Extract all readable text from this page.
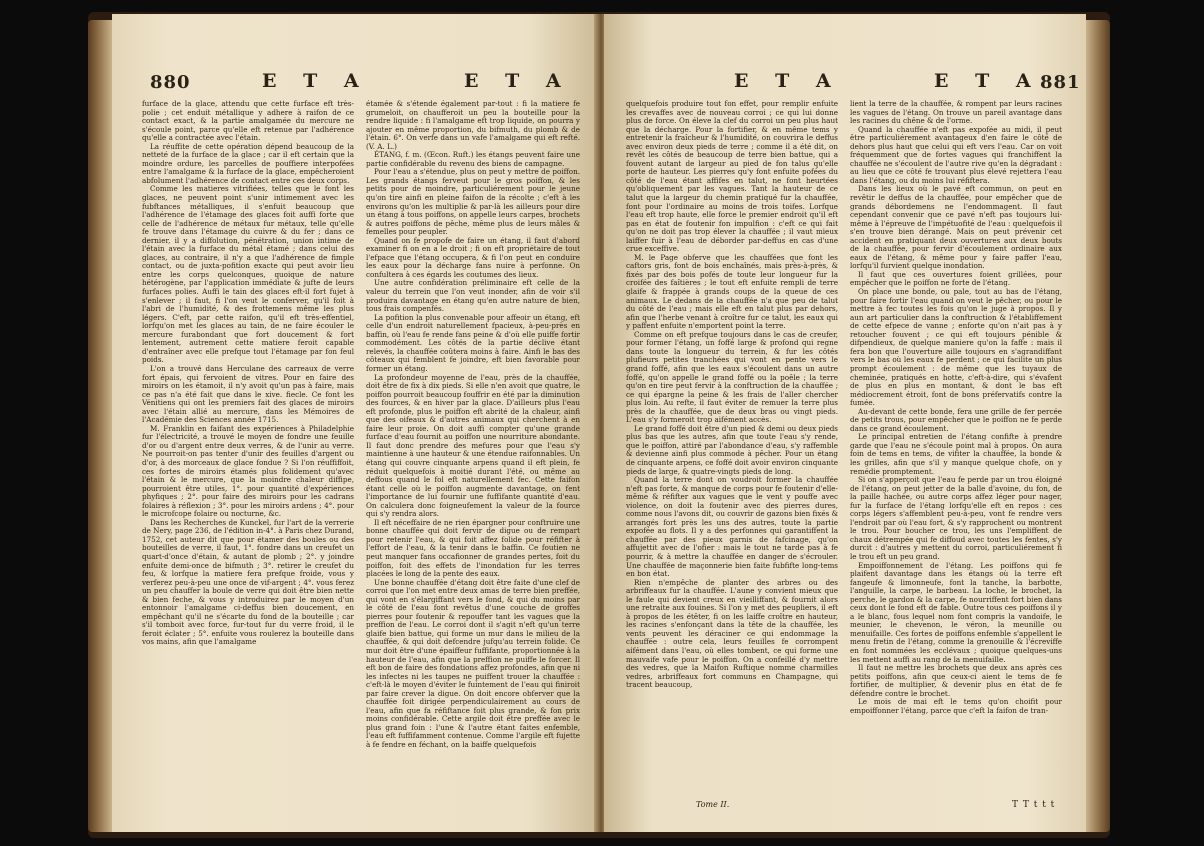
880	E T A	E T A

furface de la glace, attendu que cette furface eft très-polie ; cet enduit métallique y adhere à raifon de ce contact exact, & la partie amalgamée du mercure ne s'écoule point, parce qu'elle eft retenue par l'adhérence qu'elle a contractée avec l'étain.

La réuffite de cette opération dépend beaucoup de la netteté de la furface de la glace ; car il eft certain que la moindre ordure, les parcelles de pouffiere interpofées entre l'amalgame & la furface de la glace, empêcheroient abfolument l'adhérence de contact entre ces deux corps.

Comme les matieres vitrifiées, telles que le font les glaces, ne peuvent point s'unir intimement avec les fubftances métalliques, il s'enfuit beaucoup que l'adhérence de l'étamage des glaces foit auffi forte que celle de l'adhérence de métaux fur métaux, telle qu'elle fe trouve dans l'étamage du cuivre & du fer ; dans ce dernier, il y a diffolution, pénétration, union intime de l'étain avec la furface du métal étamé ; dans celui des glaces, au contraire, il n'y a que l'adhérence de fimple contact, ou de juxta-pofition exacte qui peut avoir lieu entre les corps quelconques, quoique de nature hétérogène, par l'application immédiate & jufte de leurs furfaces polies. Auffi le tain des glaces eft-il fort fujet à s'enlever ; il faut, fi l'on veut le conferver, qu'il foit à l'abri de l'humidité, & des frottemens même les plus légers. C'eft, par cette raifon, qu'il eft très-effentiel, lorfqu'on met les glaces au tain, de ne faire écouler le mercure furabondant que fort doucement & fort lentement, autrement cette matiere feroit capable d'entraîner avec elle prefque tout l'étamage par fon feul poids.

L'on a trouvé dans Herculane des carreaux de verre fort épais, qui fervoient de vitres. Pour en faire des miroirs on les étamoit, il n'y avoit qu'un pas à faire, mais ce pas n'a été fait que dans le xive. fiecle. Ce font les Vénitiens qui ont les premiers fait des glaces de miroirs avec l'étain allié au mercure, dans les Mémoires de l'Académie des Sciences année 1715.

M. Franklin en faifant des expériences à Philadelphie fur l'électricité, a trouvé le moyen de fondre une feuille d'or ou d'argent entre deux verres, & de l'unir au verre. Ne pourroit-on pas tenter d'unir des feuilles d'argent ou d'or, à des morceaux de glace fondue ? Si l'on réuffiffoit, ces fortes de miroirs étamés plus folidement qu'avec l'étain & le mercure, que la moindre chaleur diffipe, pourroient être utiles, 1°. pour quantité d'expériences phyfiques ; 2°. pour faire des miroirs pour les cadrans folaires à réflexion ; 3°. pour les miroirs ardens ; 4°. pour le microfcope folaire ou nocturne, &c.

Dans les Recherches de Kunckel, fur l'art de la verrerie de Nery, page 236, de l'édition in-4°. à Paris chez Durand, 1752, cet auteur dit que pour étamer des boules ou des bouteilles de verre, il faut, 1°. fondre dans un creufet un quart-d'once d'étain, & autant de plomb ; 2°. y joindre enfuite demi-once de bifmuth ; 3°. retirer le creufet du feu, & lorfque la matiere fera prefque froide, vous y verferez peu-à-peu une once de vif-argent ; 4°. vous ferez un peu chauffer la boule de verre qui doit être bien nette & bien feche, & vous y introduirez par le moyen d'un entonnoir l'amalgame ci-deffus bien doucement, en empêchant qu'il ne s'écarte du fond de la bouteille ; car s'il tomboit avec force, fur-tout fur du verre froid, il le feroit éclater ; 5°. enfuite vous roulerez la bouteille dans vos mains, afin que l'amalgame

étamée & s'étende également par-tout : fi la matiere fe grumeloit, on chaufferoit un peu la bouteille pour la rendre liquide : fi l'amalgame eft trop liquide, on pourra y ajouter en même proportion, du bifmuth, du plomb & de l'étain. 6°. On verfe dans un vafe l'amalgame qui eft refté. (V. A. L.)

ÉTANG, f. m. (Œcon. Ruft.) les étangs peuvent faire une partie confidérable du revenu des biens de campagne.

Pour l'eau a s'étendue, plus on peut y mettre de poiffon. Les grands étangs ferveut pour le gros poiffon, & les petits pour de moindre, particuliérement pour le jeune qu'on tire ainfi en pleine faifon de la récolte ; c'eft à les environs qu'on les multiplie & par-là les ailleurs pour dire un étang à tous poiffons, on appelle leurs carpes, brochets & autres poiffons de pêche, même plus de leurs mâles & femelles pour peupler.

Quand on fe propofe de faire un étang, il faut d'abord examiner fi on en a le droit ; fi on eft propriétaire de tout l'efpace que l'étang occupera, & fi l'on peut en conduire les eaux pour la décharge fans nuire à perfonne. On confultera à ces égards les coutumes des lieux.

Une autre confidération préliminaire eft celle de la valeur du terrein que l'on veut inonder, afin de voir s'il produira davantage en étang qu'en autre nature de bien, tous frais compenfés.

La pofition la plus convenable pour affeoir un étang, eft celle d'un endroit naturellement fpacieux, à-peu-près en baffin, où l'eau fe rende fans peine & d'où elle puiffe fortir commodément. Les côtés de la partie déclive étant relevés, la chauffée coûtera moins à faire. Ainfi le bas des côteaux qui femblent fe joindre, eft bien favorable pour former un étang.

La profondeur moyenne de l'eau, près de la chauffée, doit être de fix à dix pieds. Si elle n'en avoit que quatre, le poiffon pourroit beaucoup fouffrir en été par la diminution des fources, & en hiver par la glace. D'ailleurs plus l'eau eft profonde, plus le poiffon eft abrité de la chaleur, ainfi que des oifeaux & d'autres animaux qui cherchent à en faire leur proie. On doit auffi compter qu'une grande furface d'eau fournit au poiffon une nourriture abondante. Il faut donc prendre des mefures pour que l'eau s'y maintienne à une hauteur & une étendue raifonnables. Un étang qui couvre cinquante arpens quand il eft plein, fe réduit quelquefois à moitié durant l'été, ou même au deffous quand le fol eft naturellement fec. Cette faifon étant celle où le poiffon augmente davantage, on fent l'importance de lui fournir une fuffifante quantité d'eau. On calculera donc foigneufement la valeur de la fource qui s'y rendra alors.

Il eft néceffaire de ne rien épargner pour conftruire une bonne chauffée qui doit fervir de digue ou de rempart pour retenir l'eau, & qui foit affez folide pour réfifter à l'effort de l'eau, & la tenir dans le baffin. Ce foutien ne peut manquer fans occafionner de grandes pertes, foit du poiffon, foit des effets de l'inondation fur les terres placées le long de la pente des eaux.

Une bonne chauffée d'étang doit être faite d'une clef de corroi que l'on met entre deux amas de terre bien preffée, qui vont en s'élargiffant vers le fond, & qui du moins par le côté de l'eau font revêtus d'une couche de groffes pierres pour foutenir & repouffer tant les vagues que la preffion de l'eau. Le corroi dont il s'agit n'eft qu'un terre glaife bien battue, qui forme un mur dans le milieu de la chauffée, & qui doit defcendre jufqu'au terrein folide. Ce mur doit être d'une épaiffeur fuffifante, proportionnée à la hauteur de l'eau, afin que la preffion ne puiffe le forcer. Il eft bon de faire des fondations affez profondes, afin que ni les infectes ni les taupes ne puiffent trouer la chauffée : c'eft-là le moyen d'éviter le fuintement de l'eau qui finiroit par faire crever la digue. On doit encore obferver que la chauffée foit dirigée perpendiculairement au cours de l'eau, afin que fa réfiftance foit plus grande, & fon prix moins confidérable. Cette argile doit être preffée avec le plus grand foin : l'une & l'autre étant faites enfemble, l'eau eft fuffifamment contenue. Comme l'argile eft fujette à fe fendre en féchant, on la baiffe quelquefois

E T A	E T A 881

quelquefois produire tout fon effet, pour remplir enfuite les crevaffes avec de nouveau corroi ; ce qui lui donne plus de force. On éleve la clef du corroi un peu plus haut que la décharge. Pour la fortifier, & en même tems y entretenir la fraîcheur & l'humidité, on couvrira le deffus avec environ deux pieds de terre ; comme il a été dit, on revêt les côtés de beaucoup de terre bien battue, qui a fouvent autant de largeur au pied de fon talus qu'elle porte de hauteur. Les pierres qu'y font enfuite pofées du côté de l'eau étant affifes en talut, ne font heurtées qu'obliquement par les vagues. Tant la hauteur de ce talut que la largeur du chemin pratiqué fur la chauffée, font pour l'ordinaire au moins de trois toifes. Lorfque l'eau eft trop haute, elle force le premier endroit qu'il eft pas en état de foutenir fon impulfion : c'eft ce qui fait qu'on ne doit pas trop élever la chauffée ; il vaut mieux laiffer fuir à l'eau de déborder par-deffus en cas d'une crue exceffive.

M. le Page obferve que les chauffées que font les caftors gris, font de bois enchaînés, mais près-à-près, & fixés par des bois pofés de toute leur longueur fur la croifée des faîtières ; le tout eft enfuite rempli de terre glaife & frappée à grands coups de la queue de ces animaux. Le dedans de la chauffée n'a que peu de talut du côté de l'eau ; mais elle eft en talut plus par dehors, afin que l'herbe venant à croître fur ce talut, les eaux qui y paffent enfuite n'emportent point la terre.

Comme on eft prefque toujours dans le cas de creufer, pour former l'étang, un foffé large & profond qui regne dans toute la longueur du terrein, & fur les côtés plufieurs petites tranchées qui vont en pente vers le grand foffé, afin que les eaux s'écoulent dans un autre foffé, qu'on appelle le grand foffé ou la poêle ; la terre qu'on en tire peut fervir à la conftruction de la chauffée ; ce qui épargne la peine & les frais de l'aller chercher plus loin. Au refte, il faut éviter de remuer la terre plus près de la chauffée, que de deux bras ou vingt pieds. L'eau s'y formeroit trop aifément accès.

Le grand foffé doit être d'un pied & demi ou deux pieds plus bas que les autres, afin que toute l'eau s'y rende, que le poiffon, attiré par l'abondance d'eau, s'y raffemble & devienne ainfi plus commode à pêcher. Pour un étang de cinquante arpens, ce foffé doit avoir environ cinquante pieds de large, & quatre-vingts pieds de long.

Quand la terre dont on voudroit former la chauffée n'eft pas forte, & manque de corps pour fe foutenir d'elle-même & réfifter aux vagues que le vent y pouffe avec violence, on doit la foutenir avec des pierres dures, comme nous l'avons dit, ou couvrir de gazons bien fixés & arrangés fort près les uns des autres, toute la partie expofée au flots. Il y a des perfonnes qui garantiffent la chauffée par des pieux garnis de fafcinage, qu'on affujettit avec de l'ofier : mais le tout ne tarde pas à fe pourrir, & à mettre la chauffée en danger de s'écrouler. Une chauffée de maçonnerie bien faite fubfifte long-tems en bon état.

Rien n'empêche de planter des arbres ou des arbriffeaux fur la chauffée. L'aune y convient mieux que le faule qui devient creux en vieilliffant, & fournit alors une retraite aux fouines. Si l'on y met des peupliers, il eft à propos de les étêter, fi on les laiffe croître en hauteur, les racines s'enfonçant dans la tête de la chauffée, les vents peuvent les déraciner ce qui endommage la chauffée : outre cela, leurs feuilles fe corrompent aifément dans l'eau, où elles tombent, ce qui forme une mauvaife vafe pour le poiffon. On a confeillé d'y mettre des vedres, que la Maifon Ruftique nomme charmilles vedres, arbriffeaux fort communs en Champagne, qui tracent beaucoup,

lient la terre de la chauffée, & rompent par leurs racines les vagues de l'étang. On trouve un pareil avantage dans les racines du chêne & de l'orme.

Quand la chauffée n'eft pas expofée au midi, il peut être particuliérement avantageux d'en faire le côté de dehors plus haut que celui qui eft vers l'eau. Car on voit fréquemment que de fortes vagues qui franchiffent la chauffée ne s'écoulent de l'autre rive qu'en la dégradant : au lieu que ce côté fe trouvant plus élevé rejettera l'eau dans l'étang, ou du moins lui réfiftera.

Dans les lieux où le pavé eft commun, on peut en revêtir le deffus de la chauffée, pour empêcher que de grands débordemens ne l'endommagent. Il faut cependant convenir que ce pavé n'eft pas toujours lui-même à l'épreuve de l'impétuofité de l'eau : quelquefois il s'en trouve bien dérangé. Mais on peut prévenir cet accident en pratiquant deux ouvertures aux deux bouts de la chauffée, pour fervir d'écoulement ordinaire aux eaux de l'étang, & même pour y faire paffer l'eau, lorfqu'il furvient quelque inondation.

Il faut que ces ouvertures foient grillées, pour empêcher que le poiffon ne forte de l'étang.

On place une bonde, ou pale, tout au bas de l'étang, pour faire fortir l'eau quand on veut le pêcher, ou pour le mettre à fec toutes les fois qu'on le juge à propos. Il y aun art particulier dans la conftruction & l'établiffement de cette efpece de vanne ; enforte qu'on n'ait pas à y retoucher fouvent ; ce qui eft toujours pénible & difpendieux, de quelque maniere qu'on la faffe : mais il fera bon que l'ouverture aille toujours en s'agrandiffant vers le bas où les eaux fe perdent ; ce qui facilite un plus prompt écoulement : de même que les tuyaux de cheminée, pratiqués en hotte, c'eft-à-dire, qui s'évafent de plus en plus en montant, & dont le bas eft médiocrement étroit, font de bons préfervatifs contre la fumée.

Au-devant de cette bonde, fera une grille de fer percée de petits trous, pour empêcher que le poiffon ne fe perde dans ce grand écoulement.

Le principal entretien de l'étang confifte à prendre garde que l'eau ne s'écoule point mal à propos. On aura foin de tems en tems, de vifiter la chauffée, la bonde & les grilles, afin que s'il y manque quelque chofe, on y remédie promptement.

Si on s'apperçoit que l'eau fe perde par un trou éloigné de l'étang, on peut jetter de la balle d'avoine, du fon, de la paille hachée, ou autre corps affez léger pour nager, fur la furface de l'étang lorfqu'elle eft en repos : ces corps légers s'affemblent peu-à-peu, vont fe rendre vers l'endroit par où l'eau fort, & s'y rapprochent ou montrent le trou. Pour boucher ce trou, les uns l'empliffent de chaux détrempée qui fe diffoud avec toutes les fentes, s'y durcit : d'autres y mettent du corroi, particuliérement fi le trou eft un peu grand.

Empoiffonnement de l'étang. Les poiffons qui fe plaifent davantage dans les étangs où la terre eft fangeufe & limonneufe, font la tanche, la barbotte, l'anguille, la carpe, le barbeau. La loche, le brochet, la perche, le gardon & la carpe, fe nourriffent fort bien dans ceux dont le fond eft de fable. Outre tous ces poiffons il y a le blanc, fous lequel nom font compris la vandoife, le meunier, le chevenon, le véron, la meunille ou menuifaille. Ces fortes de poiffons enfemble s'appellent le menu fretin de l'étang, comme la grenouille & l'écreviffe en font nommées les ecclévaux ; quoique quelques-uns les mettent auffi au rang de la menuifaille.

Il faut ne mettre les brochets que deux ans après ces petits poiffons, afin que ceux-ci aient le tems de fe fortifier, de multiplier, & devenir plus en état de fe défendre contre le brochet.

Le mois de mai eft le tems qu'on choifit pour empoiffonner l'étang, parce que c'eft la faifon de tran-

Tome II.	T T t t t
